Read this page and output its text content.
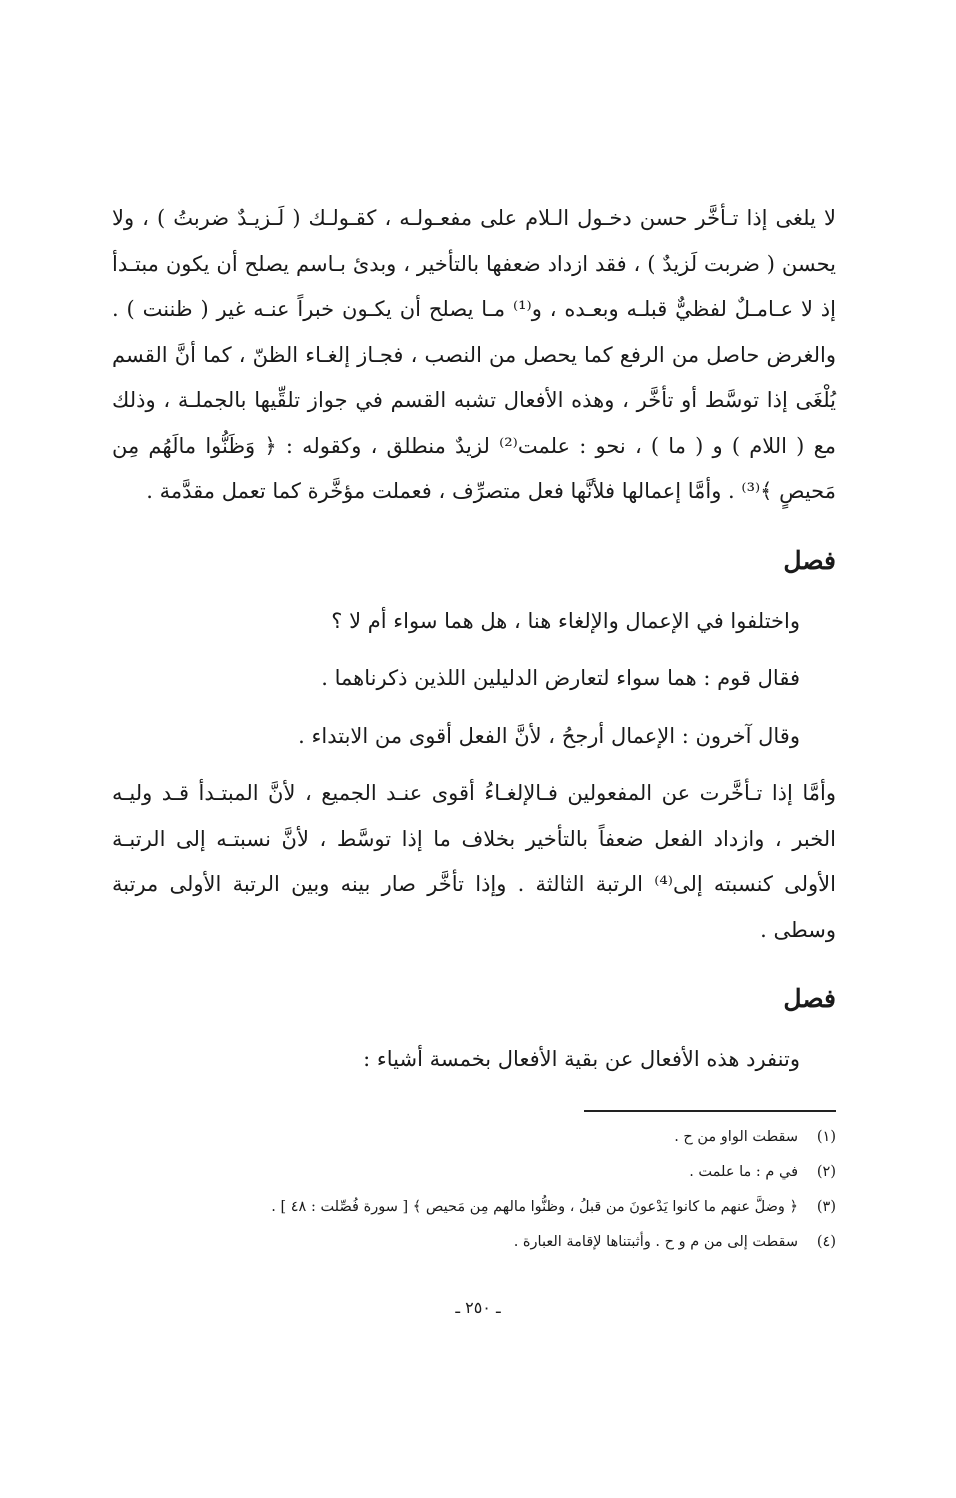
لا يلغى إذا تـأخَّر حسن دخـول الـلام على مفعـولـه ، كقـولـك ( لَـزيـدٌ ضربتُ ) ، ولا يحسن ( ضربت لَزيدٌ ) ، فقد ازداد ضعفها بالتأخير ، وبدئ بـاسم يصلح أن يكون مبتـدأ إذ لا عـامـلٌ لفظيٌّ قبلـه وبعـده ، و⁽¹⁾ مـا يصلح أن يكـون خبراً عنـه غير ( ظننت ) . والغرض حاصل من الرفع كما يحصل من النصب ، فجـاز إلغـاء الظنّ ، كما أنَّ القسم يُلْغَى إذا توسَّط أو تأخَّر ، وهذه الأفعال تشبه القسم في جواز تلقِّيها بالجملـة ، وذلك مع ( اللام ) و ( ما ) ، نحو : علمت⁽²⁾ لزيدٌ منطلق ، وكقوله : ﴿ وَظَنُّوا مالَهُم مِن مَحيصٍ ﴾⁽³⁾ . وأمَّا إعمالها فلأنَّها فعل متصرِّف ، فعملت مؤخَّرة كما تعمل مقدَّمة .

فصل

واختلفوا في الإعمال والإلغاء هنا ، هل هما سواء أم لا ؟

فقال قوم : هما سواء لتعارض الدليلين اللذين ذكرناهما .

وقال آخرون : الإعمال أرجحُ ، لأنَّ الفعل أقوى من الابتداء .

وأمَّا إذا تـأخَّرت عن المفعولين فـالإلغـاءُ أقوى عنـد الجميع ، لأنَّ المبتـدأ قـد وليـه الخبر ، وازداد الفعل ضعفاً بالتأخير بخلاف ما إذا توسَّط ، لأنَّ نسبتـه إلى الرتبـة الأولى كنسبته إلى⁽⁴⁾ الرتبة الثالثة . وإذا تأخَّر صار بينه وبين الرتبة الأولى مرتبة وسطى .

فصل

وتنفرد هذه الأفعال عن بقية الأفعال بخمسة أشياء :

(١)
سقطت الواو من ح .
(٢)
في م : ما علمت .
(٣)
﴿ وضلَّ عنهم ما كانوا يَدْعونَ من قبلُ ، وظنُّوا مالهم مِن مَحيص ﴾ [ سورة فُصِّلت : ٤٨ ] .
(٤)
سقطت إلى من م و ح . وأثبتناها لإقامة العبارة .
ـ ٢٥٠ ـ
